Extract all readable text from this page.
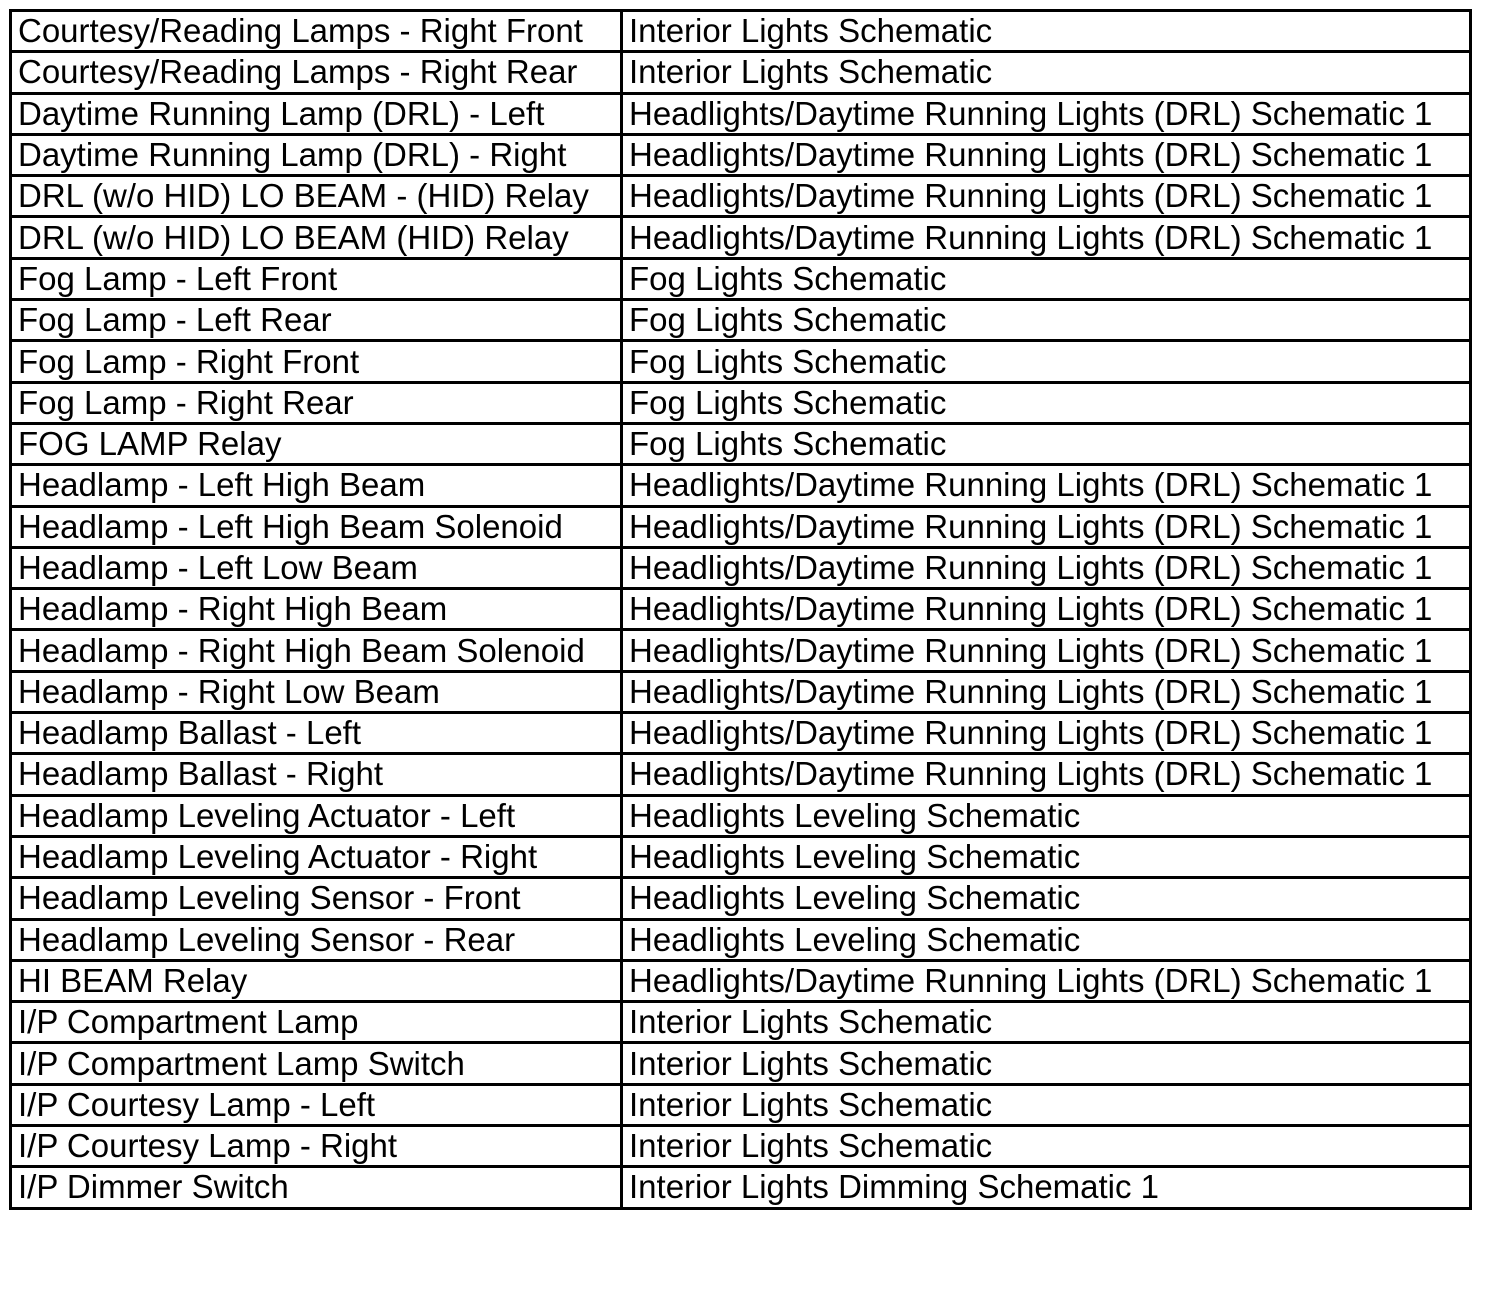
Courtesy/Reading Lamps - Right Front	Interior Lights Schematic
Courtesy/Reading Lamps - Right Rear	Interior Lights Schematic
Daytime Running Lamp (DRL) - Left	Headlights/Daytime Running Lights (DRL) Schematic 1
Daytime Running Lamp (DRL) - Right	Headlights/Daytime Running Lights (DRL) Schematic 1
DRL (w/o HID) LO BEAM - (HID) Relay	Headlights/Daytime Running Lights (DRL) Schematic 1
DRL (w/o HID) LO BEAM (HID) Relay	Headlights/Daytime Running Lights (DRL) Schematic 1
Fog Lamp - Left Front	Fog Lights Schematic
Fog Lamp - Left Rear	Fog Lights Schematic
Fog Lamp - Right Front	Fog Lights Schematic
Fog Lamp - Right Rear	Fog Lights Schematic
FOG LAMP Relay	Fog Lights Schematic
Headlamp - Left High Beam	Headlights/Daytime Running Lights (DRL) Schematic 1
Headlamp - Left High Beam Solenoid	Headlights/Daytime Running Lights (DRL) Schematic 1
Headlamp - Left Low Beam	Headlights/Daytime Running Lights (DRL) Schematic 1
Headlamp - Right High Beam	Headlights/Daytime Running Lights (DRL) Schematic 1
Headlamp - Right High Beam Solenoid	Headlights/Daytime Running Lights (DRL) Schematic 1
Headlamp - Right Low Beam	Headlights/Daytime Running Lights (DRL) Schematic 1
Headlamp Ballast - Left	Headlights/Daytime Running Lights (DRL) Schematic 1
Headlamp Ballast - Right	Headlights/Daytime Running Lights (DRL) Schematic 1
Headlamp Leveling Actuator - Left	Headlights Leveling Schematic
Headlamp Leveling Actuator - Right	Headlights Leveling Schematic
Headlamp Leveling Sensor - Front	Headlights Leveling Schematic
Headlamp Leveling Sensor - Rear	Headlights Leveling Schematic
HI BEAM Relay	Headlights/Daytime Running Lights (DRL) Schematic 1
I/P Compartment Lamp	Interior Lights Schematic
I/P Compartment Lamp Switch	Interior Lights Schematic
I/P Courtesy Lamp - Left	Interior Lights Schematic
I/P Courtesy Lamp - Right	Interior Lights Schematic
I/P Dimmer Switch	Interior Lights Dimming Schematic 1
